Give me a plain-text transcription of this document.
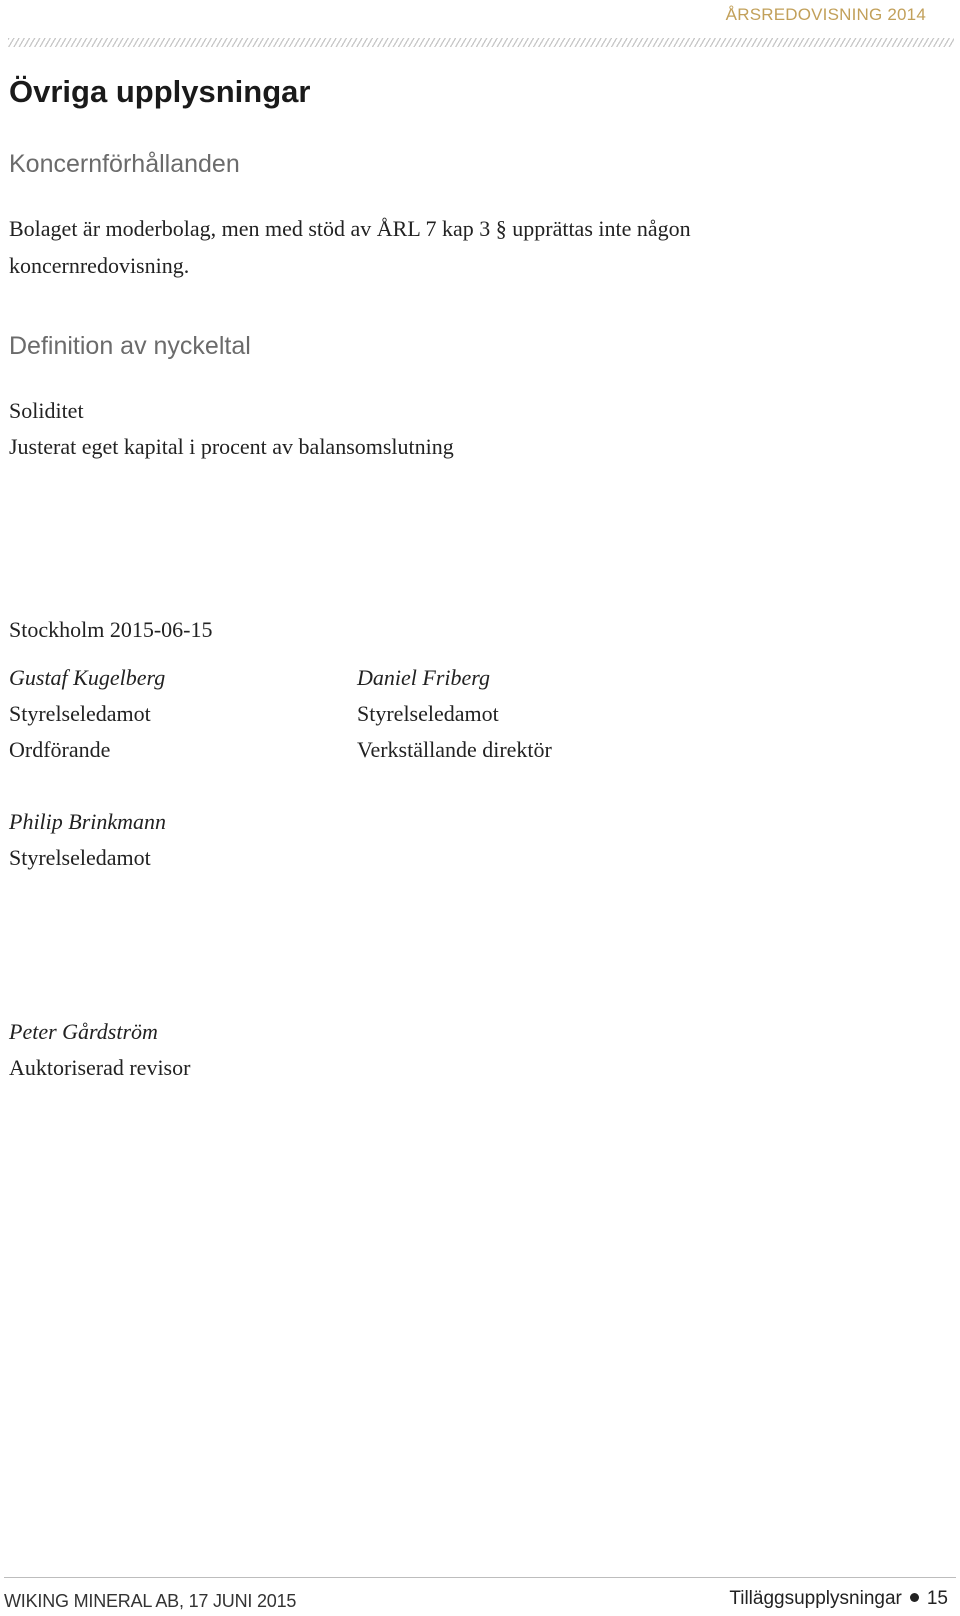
ÅRSREDOVISNING 2014
Övriga upplysningar
Koncernförhållanden
Bolaget är moderbolag, men med stöd av ÅRL 7 kap 3 § upprättas inte någon koncernredovisning.
Definition av nyckeltal
Soliditet
Justerat eget kapital i procent av balansomslutning
Stockholm 2015-06-15
Gustaf Kugelberg
Styrelseledamot
Ordförande
Daniel Friberg
Styrelseledamot
Verkställande direktör
Philip Brinkmann
Styrelseledamot
Peter Gårdström
Auktoriserad revisor
WIKING MINERAL AB, 17 JUNI 2015	Tilläggsupplysningar 15
